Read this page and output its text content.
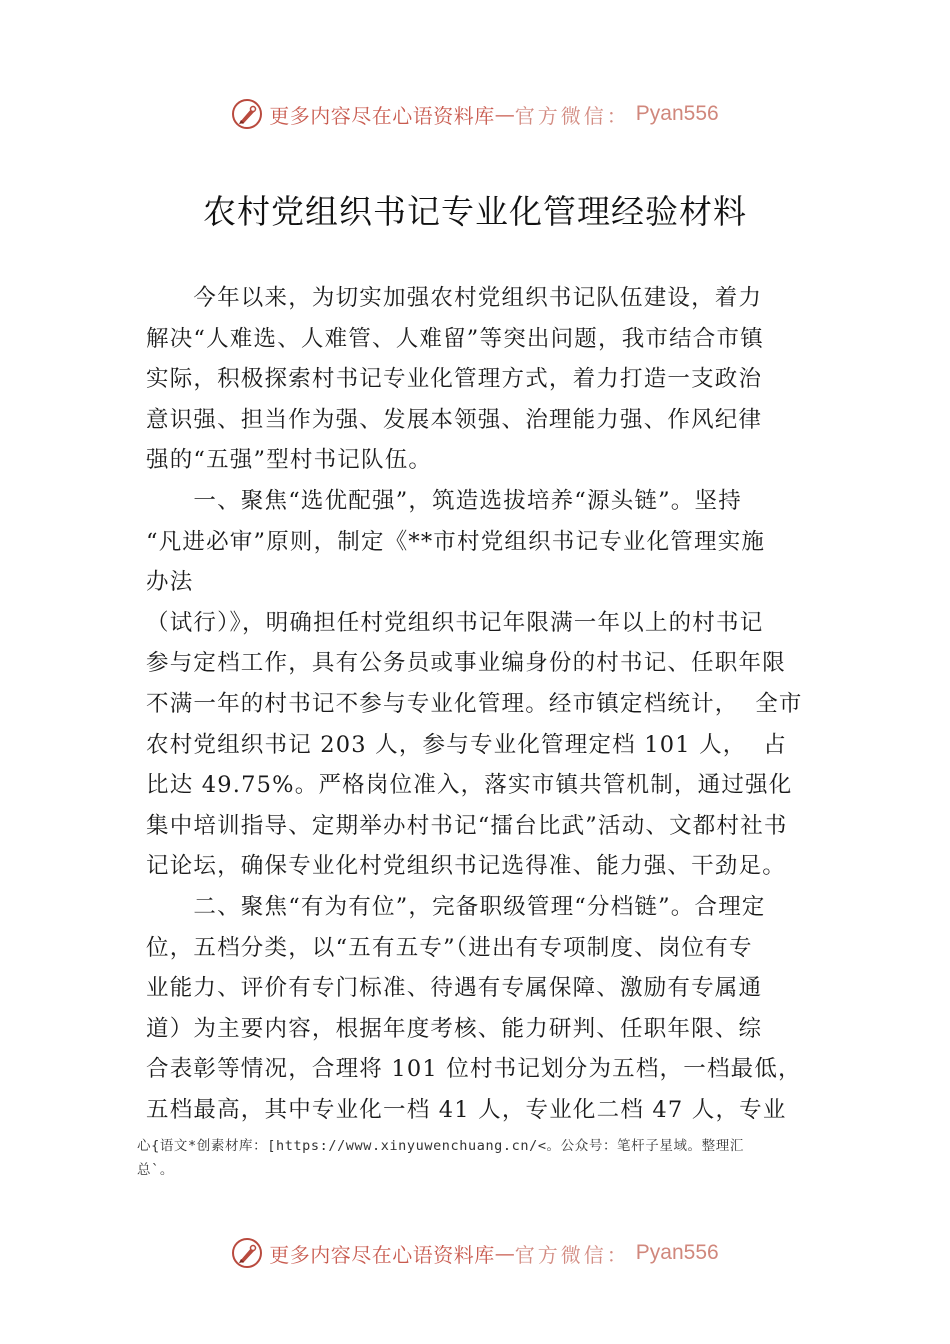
更多内容尽在心语资料库 — 官方微信： Pyan556
农村党组织书记专业化管理经验材料
　　今年以来，为切实加强农村党组织书记队伍建设，着力
解决“人难选、人难管、人难留”等突出问题，我市结合市镇
实际，积极探索村书记专业化管理方式，着力打造一支政治
意识强、担当作为强、发展本领强、治理能力强、作风纪律
强的“五强”型村书记队伍。
　　一、聚焦“选优配强”，筑造选拔培养“源头链”。坚持
“凡进必审”原则，制定《**市村党组织书记专业化管理实施
办法
（试行）》，明确担任村党组织书记年限满一年以上的村书记
参与定档工作，具有公务员或事业编身份的村书记、任职年限
不满一年的村书记不参与专业化管理。经市镇定档统计，  全市
农村党组织书记 203 人，参与专业化管理定档 101 人，  占
比达 49.75%。严格岗位准入，落实市镇共管机制，通过强化
集中培训指导、定期举办村书记“擂台比武”活动、文都村社书
记论坛，确保专业化村党组织书记选得准、能力强、干劲足。
　　二、聚焦“有为有位”，完备职级管理“分档链”。合理定
位，五档分类，以“五有五专”（进出有专项制度、岗位有专
业能力、评价有专门标准、待遇有专属保障、激励有专属通
道）为主要内容，根据年度考核、能力研判、任职年限、综
合表彰等情况，合理将 101 位村书记划分为五档，一档最低，
五档最高，其中专业化一档 41 人，专业化二档 47 人，专业
心{语文*创素材库：[https://www.xinyuwenchuang.cn/<。公众号：笔杆子星域。整理汇
总`。
更多内容尽在心语资料库 — 官方微信： Pyan556
